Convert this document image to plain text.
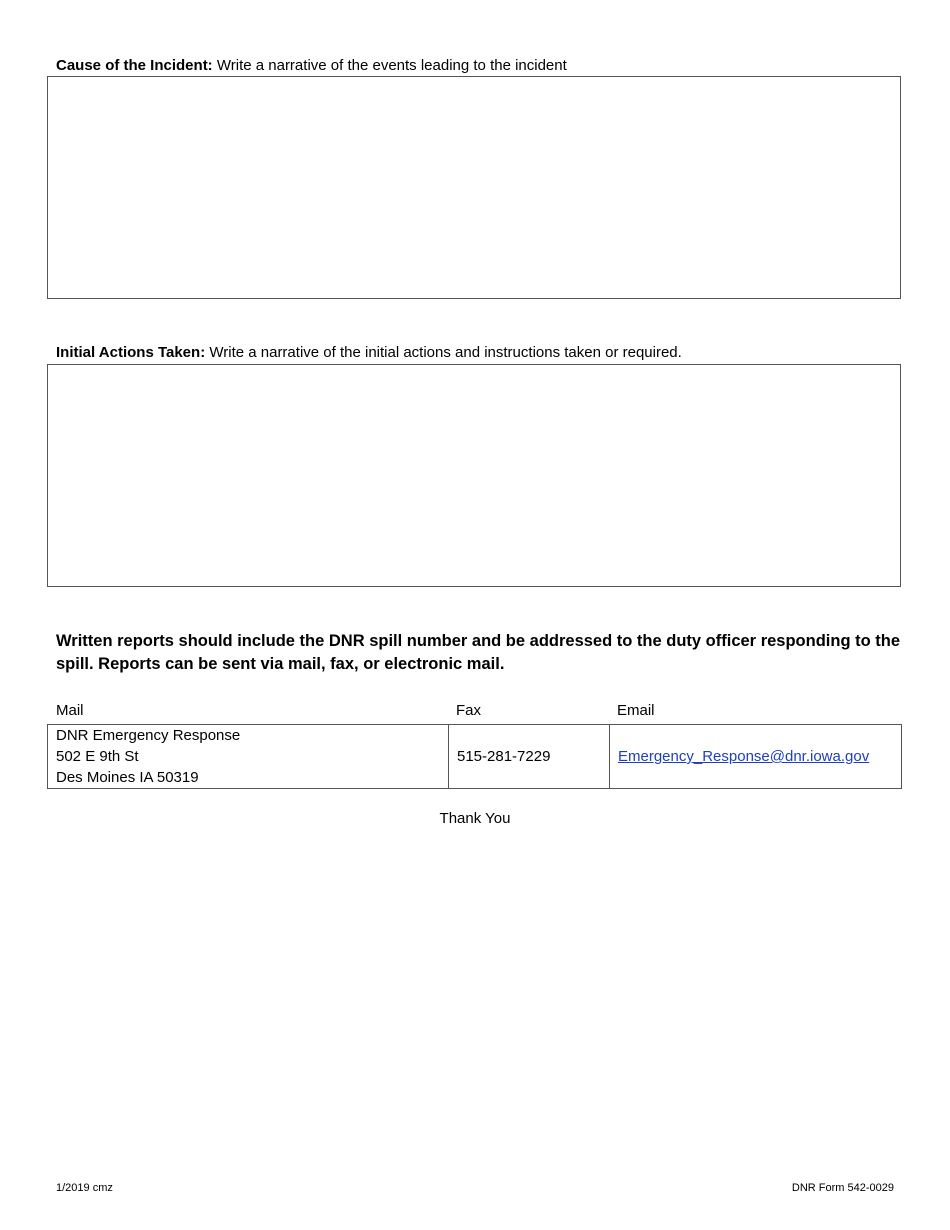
Cause of the Incident: Write a narrative of the events leading to the incident
Initial Actions Taken: Write a narrative of the initial actions and instructions taken or required.
Written reports should include the DNR spill number and be addressed to the duty officer responding to the spill. Reports can be sent via mail, fax, or electronic mail.
Mail	Fax	Email
DNR Emergency Response
502 E 9th St
Des Moines IA 50319
	515-281-7229	Emergency_Response@dnr.iowa.gov
Thank You
1/2019 cmz	DNR Form 542-0029
